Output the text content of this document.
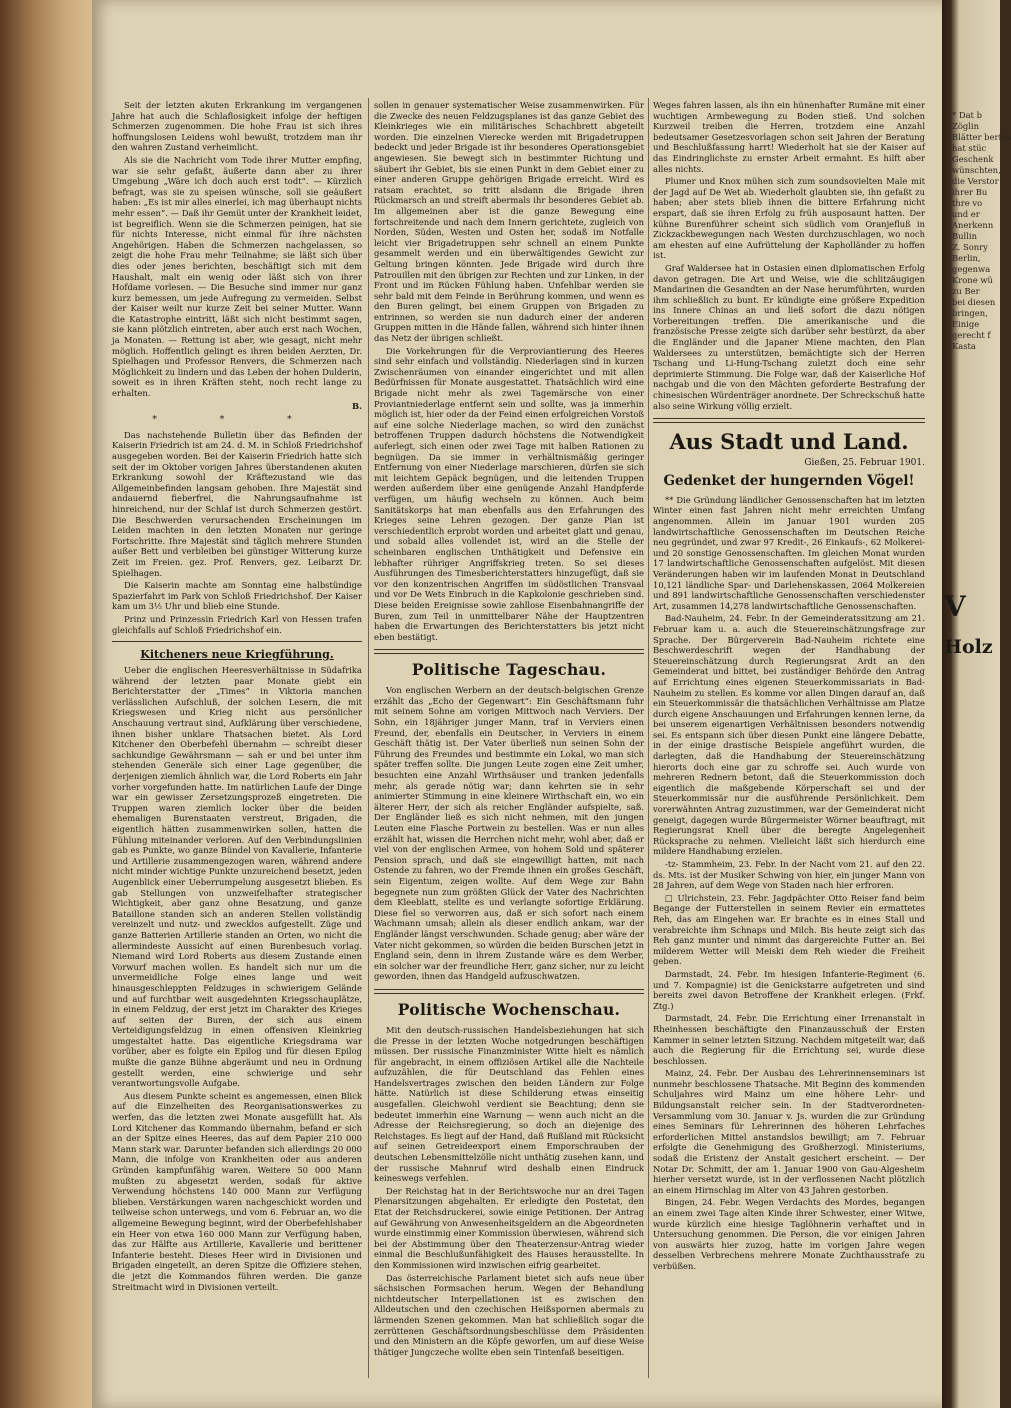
* Dat b
Zöglin
Blätter berich
hat stüc
Geschenk
wünschten,
die Verstor
ihrer Bu
thre vo
und er
Anerkenn
Bullin
Z. Sonry
Berlin,
gegenwa
Krone wü
zu Ber
bei diesen
bringen,
Einige
gerecht f
Kasta
V
Holz

Seit der letzten akuten Erkrankung im vergangenen Jahre hat auch die Schlaflosigkeit infolge der heftigen Schmerzen zugenommen. Die hohe Frau ist sich ihres hoffnungslosen Leidens wohl bewußt, trotzdem man ihr den wahren Zustand verheimlicht.

Als sie die Nachricht vom Tode ihrer Mutter empfing, war sie sehr gefaßt, äußerte dann aber zu ihrer Umgebung „Wäre ich doch auch erst todt“. — Kürzlich befragt, was sie zu speisen wünsche, soll sie geäußert haben: „Es ist mir alles einerlei, ich mag überhaupt nichts mehr essen“. — Daß ihr Gemüt unter der Krankheit leidet, ist begreiflich. Wenn sie die Schmerzen peinigen, hat sie für nichts Interesse, nicht einmal für ihre nächsten Angehörigen. Haben die Schmerzen nachgelassen, so zeigt die hohe Frau mehr Teilnahme; sie läßt sich über dies oder jenes berichten, beschäftigt sich mit dem Haushalt, malt ein wenig oder läßt sich von ihrer Hofdame vorlesen. — Die Besuche sind immer nur ganz kurz bemessen, um jede Aufregung zu vermeiden. Selbst der Kaiser weilt nur kurze Zeit bei seiner Mutter. Wann die Katastrophe eintritt, läßt sich nicht bestimmt sagen, sie kann plötzlich eintreten, aber auch erst nach Wochen, ja Monaten. — Rettung ist aber, wie gesagt, nicht mehr möglich. Hoffentlich gelingt es ihren beiden Aerzten, Dr. Spielhagen und Professor Renvers, die Schmerzen nach Möglichkeit zu lindern und das Leben der hohen Dulderin, soweit es in ihren Kräften steht, noch recht lange zu erhalten.

B.
* * *

Das nachstehende Bulletin über das Befinden der Kaiserin Friedrich ist am 24. d. M. in Schloß Friedrichshof ausgegeben worden. Bei der Kaiserin Friedrich hatte sich seit der im Oktober vorigen Jahres überstandenen akuten Erkrankung sowohl der Kräftezustand wie das Allgemeinbefinden langsam gehoben. Ihre Majestät sind andauernd fieberfrei, die Nahrungsaufnahme ist hinreichend, nur der Schlaf ist durch Schmerzen gestört. Die Beschwerden verursachenden Erscheinungen im Leiden machten in den letzten Monaten nur geringe Fortschritte. Ihre Majestät sind täglich mehrere Stunden außer Bett und verbleiben bei günstiger Witterung kurze Zeit im Freien. gez. Prof. Renvers, gez. Leibarzt Dr. Spielhagen.

Die Kaiserin machte am Sonntag eine halbstündige Spazierfahrt im Park von Schloß Friedrichshof. Der Kaiser kam um 3½ Uhr und blieb eine Stunde.

Prinz und Prinzessin Friedrich Karl von Hessen trafen gleichfalls auf Schloß Friedrichshof ein.

Kitcheners neue Kriegführung.

Ueber die englischen Heeresverhältnisse in Südafrika während der letzten paar Monate giebt ein Berichterstatter der „Times“ in Viktoria manchen verlässlichen Aufschluß, der solchen Lesern, die mit Kriegswesen und Krieg nicht aus persönlicher Anschauung vertraut sind, Aufklärung über verschiedene, ihnen bisher unklare Thatsachen bietet. Als Lord Kitchener den Oberbefehl übernahm — schreibt dieser sachkundige Gewährsmann — sah er und bei unter ihm stehenden Generäle sich einer Lage gegenüber, die derjenigen ziemlich ähnlich war, die Lord Roberts ein Jahr vorher vorgefunden hatte. Im natürlichen Laufe der Dinge war ein gewisser Zersetzungsprozeß eingetreten. Die Truppen waren ziemlich locker über die beiden ehemaligen Burenstaaten verstreut, Brigaden, die eigentlich hätten zusammenwirken sollen, hatten die Fühlung miteinander verloren. Auf den Verbindungslinien gab es Punkte, wo ganze Bündel von Kavallerie, Infanterie und Artillerie zusammengezogen waren, während andere nicht minder wichtige Punkte unzureichend besetzt, jeden Augenblick einer Ueberrumpelung ausgesetzt blieben. Es gab Stellungen von unzweifelhafter strategischer Wichtigkeit, aber ganz ohne Besatzung, und ganze Bataillone standen sich an anderen Stellen vollständig vereinzelt und nutz- und zwecklos aufgestellt. Züge und ganze Batterien Artillerie standen an Orten, wo nicht die allermindeste Aussicht auf einen Burenbesuch vorlag. Niemand wird Lord Roberts aus diesem Zustande einen Vorwurf machen wollen. Es handelt sich nur um die unvermeidliche Folge eines lange und weit hinausgeschleppten Feldzuges in schwierigem Gelände und auf furchtbar weit ausgedehnten Kriegsschauplätze, in einem Feldzug, der erst jetzt im Charakter des Krieges auf seiten der Buren, der sich aus einem Verteidigungsfeldzug in einen offensiven Kleinkrieg umgestaltet hatte. Das eigentliche Kriegsdrama war vorüber, aber es folgte ein Epilog und für diesen Epilog mußte die ganze Bühne abgeräumt und neu in Ordnung gestellt werden, eine schwierige und sehr verantwortungsvolle Aufgabe.

Aus diesem Punkte scheint es angemessen, einen Blick auf die Einzelheiten des Reorganisationswerkes zu werfen, das die letzten zwei Monate ausgefüllt hat. Als Lord Kitchener das Kommando übernahm, befand er sich an der Spitze eines Heeres, das auf dem Papier 210 000 Mann stark war. Darunter befanden sich allerdings 20 000 Mann, die infolge von Krankheiten oder aus anderen Gründen kampfunfähig waren. Weitere 50 000 Mann mußten zu abgesetzt werden, sodaß für aktive Verwendung höchstens 140 000 Mann zur Verfügung blieben. Verstärkungen waren nachgeschickt worden und teilweise schon unterwegs, und vom 6. Februar an, wo die allgemeine Bewegung beginnt, wird der Oberbefehlshaber ein Heer von etwa 160 000 Mann zur Verfügung haben, das zur Hälfte aus Artillerie, Kavallerie und berittener Infanterie besteht. Dieses Heer wird in Divisionen und Brigaden eingeteilt, an deren Spitze die Offiziere stehen, die jetzt die Kommandos führen werden. Die ganze Streitmacht wird in Divisionen verteilt.

sollen in genauer systematischer Weise zusammenwirken. Für die Zwecke des neuen Feldzugsplanes ist das ganze Gebiet des Kleinkrieges wie ein militärisches Schachbrett abgeteilt worden. Die einzelnen Vierecke werden mit Brigadetruppen bedeckt und jeder Brigade ist ihr besonderes Operationsgebiet angewiesen. Sie bewegt sich in bestimmter Richtung und säubert ihr Gebiet, bis sie einen Punkt in dem Gebiet einer zu einer anderen Gruppe gehörigen Brigade erreicht. Wird es ratsam erachtet, so tritt alsdann die Brigade ihren Rückmarsch an und streift abermals ihr besonderes Gebiet ab. Im allgemeinen aber ist die ganze Bewegung eine fortschreitende und nach dem Innern gerichtete, zugleich von Norden, Süden, Westen und Osten her, sodaß im Notfalle leicht vier Brigadetruppen sehr schnell an einem Punkte gesammelt werden und ein überwältigendes Gewicht zur Geltung bringen könnten. Jede Brigade wird durch ihre Patrouillen mit den übrigen zur Rechten und zur Linken, in der Front und im Rücken Fühlung haben. Unfehlbar werden sie sehr bald mit dem Feinde in Berührung kommen, und wenn es den Buren gelingt, bei einem Gruppen von Brigaden zu entrinnen, so werden sie nun dadurch einer der anderen Gruppen mitten in die Hände fallen, während sich hinter ihnen das Netz der übrigen schließt.

Die Vorkehrungen für die Verproviantierung des Heeres sind sehr einfach und vollständig. Niederlagen sind in kurzen Zwischenräumen von einander eingerichtet und mit allen Bedürfnissen für Monate ausgestattet. Thatsächlich wird eine Brigade nicht mehr als zwei Tagemärsche von einer Proviantniederlage entfernt sein und sollte, was ja immerhin möglich ist, hier oder da der Feind einen erfolgreichen Vorstoß auf eine solche Niederlage machen, so wird den zunächst betroffenen Truppen dadurch höchstens die Notwendigkeit auferlegt, sich einen oder zwei Tage mit halben Rationen zu begnügen. Da sie immer in verhältnismäßig geringer Entfernung von einer Niederlage marschieren, dürfen sie sich mit leichtem Gepäck begnügen, und die leitenden Truppen werden außerdem über eine genügende Anzahl Handpferde verfügen, um häufig wechseln zu können. Auch beim Sanitätskorps hat man ebenfalls aus den Erfahrungen des Krieges seine Lehren gezogen. Der ganze Plan ist verschiedentlich erprobt worden und arbeitet glatt und genau, und sobald alles vollendet ist, wird an die Stelle der scheinbaren englischen Unthätigkeit und Defensive ein lebhafter rühriger Angriffskrieg treten. So sei dieses Ausführungen des Timesberichterstatters hinzugefügt, daß sie vor den konzentrischen Angriffen im südöstlichen Transvaal und vor De Wets Einbruch in die Kapkolonie geschrieben sind. Diese beiden Ereignisse sowie zahllose Eisenbahnangriffe der Buren, zum Teil in unmittelbarer Nähe der Hauptzentren haben die Erwartungen des Berichterstatters bis jetzt nicht eben bestätigt.

Politische Tageschau.

Von englischen Werbern an der deutsch-belgischen Grenze erzählt das „Echo der Gegenwart“: Ein Geschäftsmann fuhr mit seinem Sohne am vorigen Mittwoch nach Verviers. Der Sohn, ein 18jähriger junger Mann, traf in Verviers einen Freund, der, ebenfalls ein Deutscher, in Verviers in einem Geschäft thätig ist. Der Vater überließ nun seinen Sohn der Führung des Freundes und bestimmte ein Lokal, wo man sich später treffen sollte. Die jungen Leute zogen eine Zeit umher, besuchten eine Anzahl Wirthsäuser und tranken jedenfalls mehr, als gerade nötig war; dann kehrten sie in sehr animierter Stimmung in eine kleinere Wirthschaft ein, wo ein älterer Herr, der sich als reicher Engländer aufspielte, saß. Der Engländer ließ es sich nicht nehmen, mit den jungen Leuten eine Flasche Portwein zu bestellen. Was er nun alles erzählt hat, wissen die Herrchen nicht mehr, wohl aber, daß er viel von der englischen Armee, von hohem Sold und späterer Pension sprach, und daß sie eingewilligt hatten, mit nach Ostende zu fahren, wo der Fremde ihnen ein großes Geschäft, sein Eigentum, zeigen wollte. Auf dem Wege zur Bahn begegnete nun zum größten Glück der Vater des Nachrichten dem Kleeblatt, stellte es und verlangte sofortige Erklärung. Diese fiel so verworren aus, daß er sich sofort nach einem Wachmann umsah; allein als dieser endlich ankam, war der Engländer längst verschwunden. Schade genug; aber wäre der Vater nicht gekommen, so würden die beiden Burschen jetzt in England sein, denn in ihrem Zustande wäre es dem Werber, ein solcher war der freundliche Herr, ganz sicher, nur zu leicht geworden, ihnen das Handgeld aufzuschwatzen.

Politische Wochenschau.

Mit den deutsch-russischen Handelsbeziehungen hat sich die Presse in der letzten Woche notgedrungen beschäftigen müssen. Der russische Finanzminister Witte hielt es nämlich für angebracht, in einem offiziösen Artikel alle die Nachteile aufzuzählen, die für Deutschland das Fehlen eines Handelsvertrages zwischen den beiden Ländern zur Folge hätte. Natürlich ist diese Schilderung etwas einseitig ausgefallen. Gleichwohl verdient sie Beachtung; denn sie bedeutet immerhin eine Warnung — wenn auch nicht an die Adresse der Reichsregierung, so doch an diejenige des Reichstages. Es liegt auf der Hand, daß Rußland mit Rücksicht auf seinen Getreideexport einem Emporschrauben der deutschen Lebensmittelzölle nicht unthätig zusehen kann, und der russische Mahnruf wird deshalb einen Eindruck keineswegs verfehlen.

Der Reichstag hat in der Berichtswoche nur an drei Tagen Plenarsitzungen abgehalten. Er erledigte den Postetat, den Etat der Reichsdruckerei, sowie einige Petitionen. Der Antrag auf Gewährung von Anwesenheitsgeldern an die Abgeordneten wurde einstimmig einer Kommission überwiesen, während sich bei der Abstimmung über den Theaterzensur-Antrag wieder einmal die Beschlußunfähigkeit des Hauses herausstellte. In den Kommissionen wird inzwischen eifrig gearbeitet.

Das österreichische Parlament bietet sich aufs neue über sächsischen Formsachen herum. Wegen der Behandlung nichtdeutscher Interpellationen ist es zwischen den Alldeutschen und den czechischen Heißspornen abermals zu lärmenden Szenen gekommen. Man hat schließlich sogar die zerrüttenen Geschäftsordnungsbeschlüsse dem Präsidenten und den Ministern an die Köpfe geworfen, um auf diese Weise thätiger Jungczeche wollte eben sein Tintenfaß beseitigen.

Weges fahren lassen, als ihn ein hünenhafter Rumäne mit einer wuchtigen Armbewegung zu Boden stieß. Und solchen Kurzweil treiben die Herren, trotzdem eine Anzahl bedeutsamer Gesetzesvorlagen schon seit Jahren der Beratung und Beschlußfassung harrt! Wiederholt hat sie der Kaiser auf das Eindringlichste zu ernster Arbeit ermahnt. Es hilft aber alles nichts.

Plumer und Knox mühen sich zum soundsovielten Male mit der Jagd auf De Wet ab. Wiederholt glaubten sie, ihn gefaßt zu haben; aber stets blieb ihnen die bittere Erfahrung nicht erspart, daß sie ihren Erfolg zu früh ausposaunt hatten. Der kühne Burenführer scheint sich südlich vom Oranjefluß in Zickzackbewegungen nach Westen durchzuschlagen, wo noch am ehesten auf eine Aufrüttelung der Kapholländer zu hoffen ist.

Graf Waldersee hat in Ostasien einen diplomatischen Erfolg davon getragen. Die Art und Weise, wie die schlitzäugigen Mandarinen die Gesandten an der Nase herumführten, wurden ihm schließlich zu bunt. Er kündigte eine größere Expedition ins Innere Chinas an und ließ sofort die dazu nötigen Vorbereitungen treffen. Die amerikanische und die französische Presse zeigte sich darüber sehr bestürzt, da aber die Engländer und die Japaner Miene machten, den Plan Waldersees zu unterstützen, bemächtigte sich der Herren Tschang und Li-Hung-Tschang zuletzt doch eine sehr deprimierte Stimmung. Die Folge war, daß der Kaiserliche Hof nachgab und die von den Mächten geforderte Bestrafung der chinesischen Würdenträger anordnete. Der Schreckschuß hatte also seine Wirkung völlig erzielt.

Aus Stadt und Land.
Gießen, 25. Februar 1901.
Gedenket der hungernden Vögel!

** Die Gründung ländlicher Genossenschaften hat im letzten Winter einen fast Jahren nicht mehr erreichten Umfang angenommen. Allein im Januar 1901 wurden 205 landwirtschaftliche Genossenschaften im Deutschen Reiche neu gegründet, und zwar 97 Kredit-, 26 Einkaufs-, 62 Molkerei- und 20 sonstige Genossenschaften. Im gleichen Monat wurden 17 landwirtschaftliche Genossenschaften aufgelöst. Mit diesen Veränderungen haben wir im laufenden Monat in Deutschland 10,121 ländliche Spar- und Darlehenskassen, 2064 Molkereien und 891 landwirtschaftliche Genossenschaften verschiedenster Art, zusammen 14,278 landwirtschaftliche Genossenschaften.

Bad-Nauheim, 24. Febr. In der Gemeinderatssitzung am 21. Februar kam u. a. auch die Steuereinschätzungsfrage zur Sprache. Der Bürgerverein Bad-Nauheim richtete eine Beschwerdeschrift wegen der Handhabung der Steuereinschätzung durch Regierungsrat Ardt an den Gemeinderat und bittet, bei zuständiger Behörde den Antrag auf Errichtung eines eigenen Steuerkommissariats in Bad-Nauheim zu stellen. Es komme vor allen Dingen darauf an, daß ein Steuerkommissär die thatsächlichen Verhältnisse am Platze durch eigene Anschauungen und Erfahrungen kennen lerne, da bei unserem eigenartigen Verhältnissen besonders notwendig sei. Es entspann sich über diesen Punkt eine längere Debatte, in der einige drastische Beispiele angeführt wurden, die darlegten, daß die Handhabung der Steuereinschätzung hierorts doch eine gar zu schroffe sei. Auch wurde von mehreren Rednern betont, daß die Steuerkommission doch eigentlich die maßgebende Körperschaft sei und der Steuerkommissär nur die ausführende Persönlichkeit. Dem vorerwähnten Antrag zuzustimmen, war der Gemeinderat nicht geneigt, dagegen wurde Bürgermeister Wörner beauftragt, mit Regierungsrat Knell über die beregte Angelegenheit Rücksprache zu nehmen. Vielleicht läßt sich hierdurch eine mildere Handhabung erzielen.

-tz- Stammheim, 23. Febr. In der Nacht vom 21. auf den 22. ds. Mts. ist der Musiker Schwing von hier, ein junger Mann von 28 Jahren, auf dem Wege von Staden nach hier erfroren.

□ Ulrichstein, 23. Febr. Jagdpächter Otto Reiser fand beim Begange der Futterstellen in seinem Revier ein ermattetes Reh, das am Eingehen war. Er brachte es in eines Stall und verabreichte ihm Schnaps und Milch. Bis heute zeigt sich das Reh ganz munter und nimmt das dargereichte Futter an. Bei milderem Wetter will Meiski dem Reh wieder die Freiheit geben.

Darmstadt, 24. Febr. Im hiesigen Infanterie-Regiment (6. und 7. Kompagnie) ist die Genickstarre aufgetreten und sind bereits zwei davon Betroffene der Krankheit erlegen. (Frkf. Ztg.)

Darmstadt, 24. Febr. Die Errichtung einer Irrenanstalt in Rheinhessen beschäftigte den Finanzausschuß der Ersten Kammer in seiner letzten Sitzung. Nachdem mitgeteilt war, daß auch die Regierung für die Errichtung sei, wurde diese beschlossen.

Mainz, 24. Febr. Der Ausbau des Lehrerinnenseminars ist nunmehr beschlossene Thatsache. Mit Beginn des kommenden Schuljahres wird Mainz um eine höhere Lehr- und Bildungsanstalt reicher sein. In der Stadtverordneten-Versammlung vom 30. Januar v. Js. wurden die zur Gründung eines Seminars für Lehrerinnen des höheren Lehrfaches erforderlichen Mittel anstandslos bewilligt; am 7. Februar erfolgte die Genehmigung des Großherzogl. Ministeriums, sodaß die Eristenz der Anstalt gesichert erscheint. — Der Notar Dr. Schmitt, der am 1. Januar 1900 von Gau-Algesheim hierher versetzt wurde, ist in der verflossenen Nacht plötzlich an einem Hirnschlag im Alter von 43 Jahren gestorben.

Bingen, 24. Febr. Wegen Verdachts des Mordes, begangen an einem zwei Tage alten Kinde ihrer Schwester, einer Witwe, wurde kürzlich eine hiesige Taglöhnerin verhaftet und in Untersuchung genommen. Die Person, die vor einigen Jahren von auswärts hier zuzog, hatte im vorigen Jahre wegen desselben Verbrechens mehrere Monate Zuchthausstrafe zu verbüßen.
